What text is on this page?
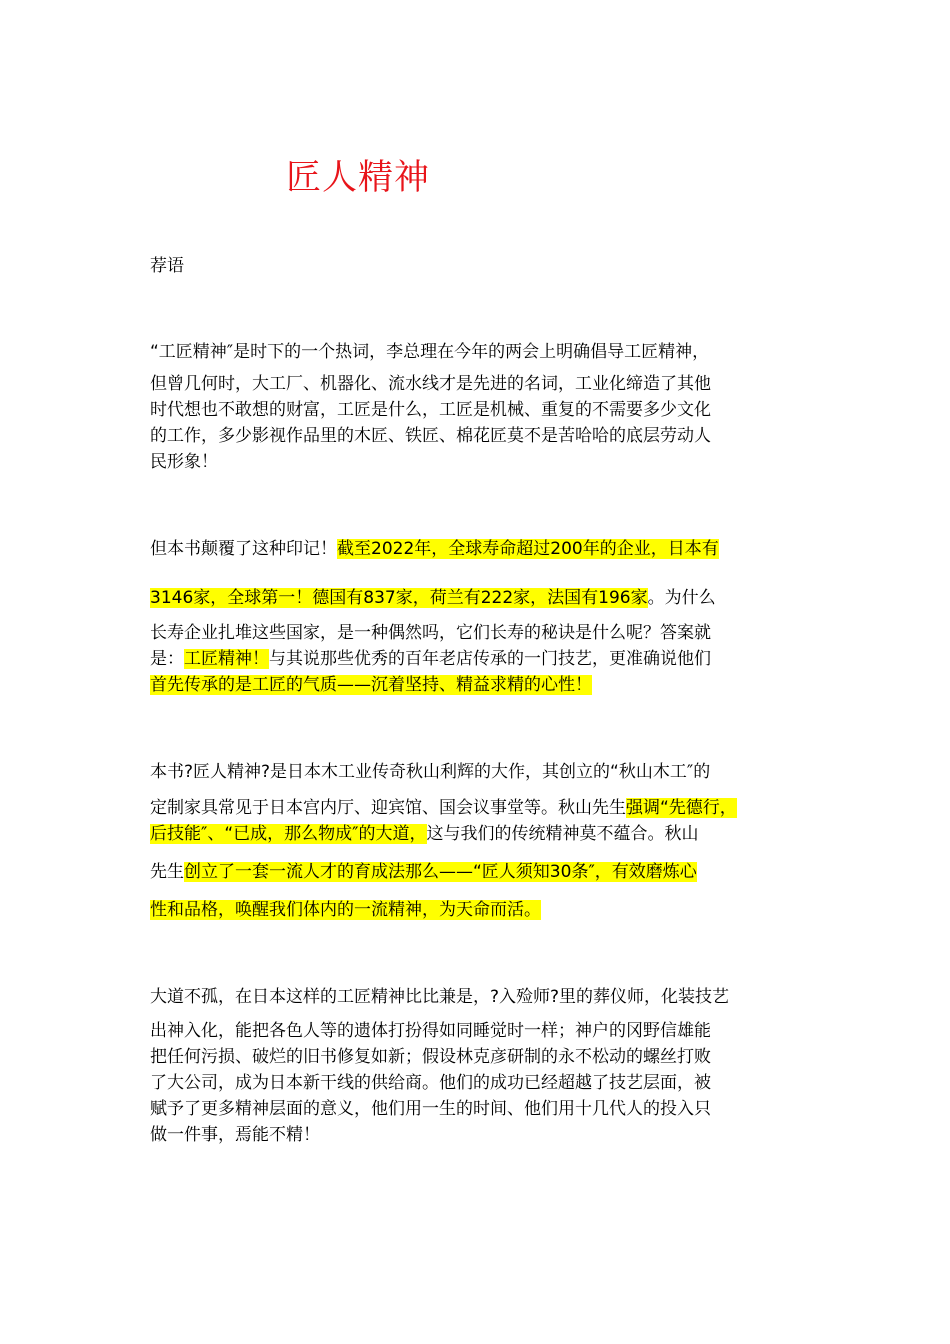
匠人精神
荐语
“工匠精神″是时下的一个热词，李总理在今年的两会上明确倡导工匠精神，
但曾几何时，大工厂、机器化、流水线才是先进的名词，工业化缔造了其他
时代想也不敢想的财富，工匠是什么，工匠是机械、重复的不需要多少文化
的工作，多少影视作品里的木匠、铁匠、棉花匠莫不是苦哈哈的底层劳动人
民形象！
但本书颠覆了这种印记！截至2022年，全球寿命超过200年的企业，日本有
3146家，全球第一！德国有837家，荷兰有222家，法国有196家。为什么
长寿企业扎堆这些国家，是一种偶然吗，它们长寿的秘诀是什么呢？答案就
是：工匠精神！与其说那些优秀的百年老店传承的一门技艺，更准确说他们
首先传承的是工匠的气质——沉着坚持、精益求精的心性！
本书?匠人精神?是日本木工业传奇秋山利辉的大作，其创立的“秋山木工″的
定制家具常见于日本宫内厅、迎宾馆、国会议事堂等。秋山先生强调“先德行，
后技能″、“已成，那么物成″的大道，这与我们的传统精神莫不蕴合。秋山
先生创立了一套一流人才的育成法那么——“匠人须知30条″，有效磨炼心
性和品格，唤醒我们体内的一流精神，为天命而活。
大道不孤，在日本这样的工匠精神比比兼是，?入殓师?里的葬仪师，化装技艺
出神入化，能把各色人等的遗体打扮得如同睡觉时一样；神户的冈野信雄能
把任何污损、破烂的旧书修复如新；假设林克彦研制的永不松动的螺丝打败
了大公司，成为日本新干线的供给商。他们的成功已经超越了技艺层面，被
赋予了更多精神层面的意义，他们用一生的时间、他们用十几代人的投入只
做一件事，焉能不精！
